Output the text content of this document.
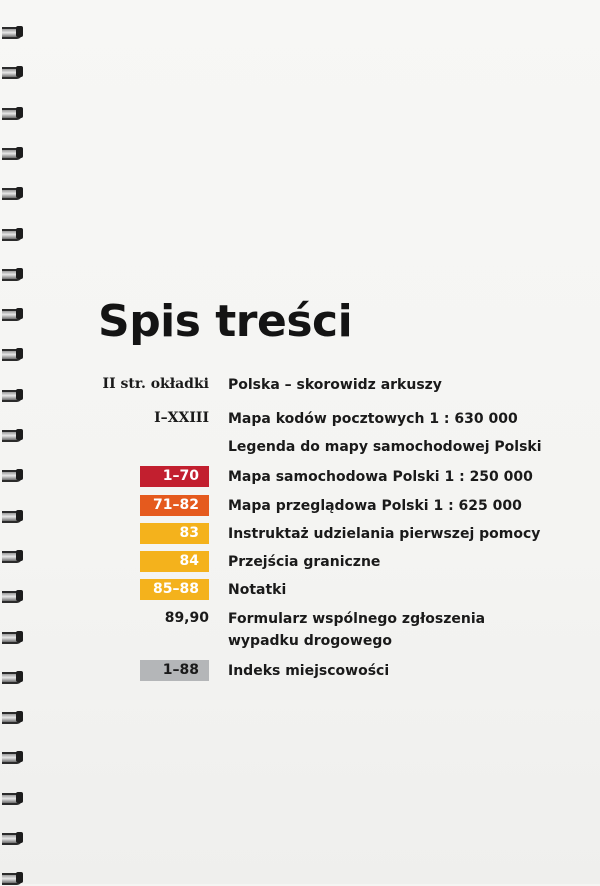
Spis treści
II str. okładki Polska – skorowidz arkuszy
I–XXIII Mapa kodów pocztowych 1 : 630 000
Legenda do mapy samochodowej Polski
1–70	Mapa samochodowa Polski 1 : 250 000
71–82	Mapa przeglądowa Polski 1 : 625 000
83	Instruktaż udzielania pierwszej pomocy
84	Przejścia graniczne
85–88	Notatki
89,90 Formularz wspólnego zgłoszenia
wypadku drogowego
1–88	Indeks miejscowości
